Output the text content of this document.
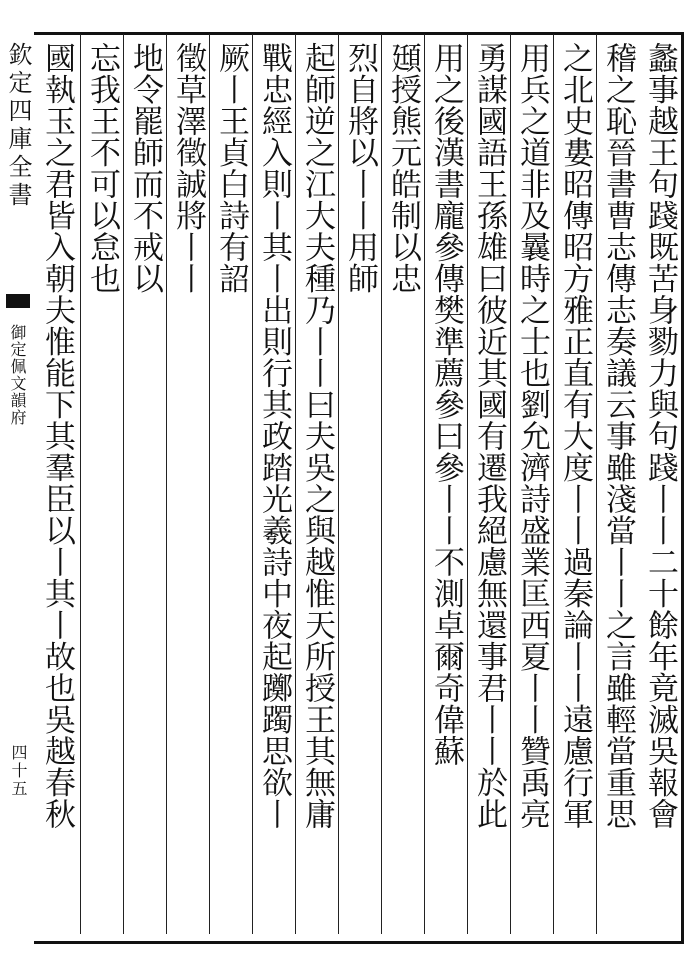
欽定四庫全書
御定佩文韻府
四十五	蠡事越王句踐既苦身勠力與句踐丨丨二十餘年竟滅吳報會
稽之恥晉書曹志傳志奏議云事雖淺當丨丨之言雖輕當重思
之北史婁昭傳昭方雅正直有大度丨丨過秦論丨丨遠慮行軍
用兵之道非及曩時之士也劉允濟詩盛業匡西夏丨丨贊禹亮
勇謀國語王孫雄曰彼近其國有遷我絕慮無還事君丨丨於此
用之後漢書龐參傳樊準薦參曰參丨丨不測卓爾奇偉蘇
頲授熊元皓制以忠
烈自將以丨丨用師
起師逆之江大夫種乃丨丨曰夫吳之與越惟天所授王其無庸
戰忠經入則丨其丨出則行其政踏光羲詩中夜起躑躅思欲丨
厥丨王貞白詩有詔
徵草澤徵誠將丨丨
地令罷師而不戒以
忘我王不可以怠也
國執玉之君皆入朝夫惟能下其羣臣以丨其丨故也吳越春秋
